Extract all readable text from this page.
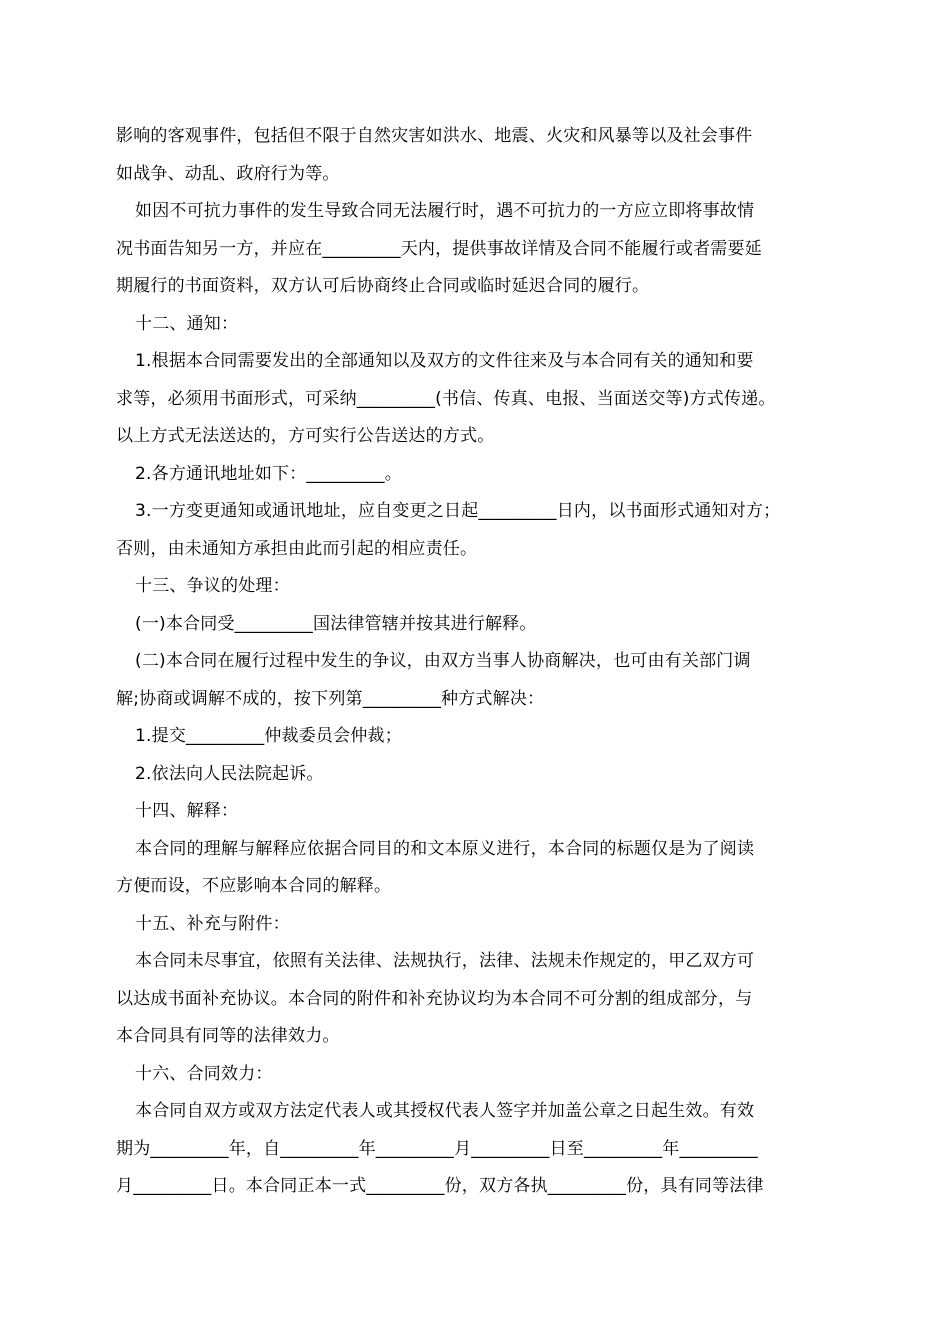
影响的客观事件，包括但不限于自然灾害如洪水、地震、火灾和风暴等以及社会事件
如战争、动乱、政府行为等。
如因不可抗力事件的发生导致合同无法履行时，遇不可抗力的一方应立即将事故情
况书面告知另一方，并应在_________天内，提供事故详情及合同不能履行或者需要延
期履行的书面资料，双方认可后协商终止合同或临时延迟合同的履行。
十二、通知：
1.根据本合同需要发出的全部通知以及双方的文件往来及与本合同有关的通知和要
求等，必须用书面形式，可采纳_________(书信、传真、电报、当面送交等)方式传递。
以上方式无法送达的，方可实行公告送达的方式。
2.各方通讯地址如下：_________。
3.一方变更通知或通讯地址，应自变更之日起_________日内，以书面形式通知对方；
否则，由未通知方承担由此而引起的相应责任。
十三、争议的处理：
(一)本合同受_________国法律管辖并按其进行解释。
(二)本合同在履行过程中发生的争议，由双方当事人协商解决，也可由有关部门调
解;协商或调解不成的，按下列第_________种方式解决：
1.提交_________仲裁委员会仲裁；
2.依法向人民法院起诉。
十四、解释：
本合同的理解与解释应依据合同目的和文本原义进行，本合同的标题仅是为了阅读
方便而设，不应影响本合同的解释。
十五、补充与附件：
本合同未尽事宜，依照有关法律、法规执行，法律、法规未作规定的，甲乙双方可
以达成书面补充协议。本合同的附件和补充协议均为本合同不可分割的组成部分，与
本合同具有同等的法律效力。
十六、合同效力：
本合同自双方或双方法定代表人或其授权代表人签字并加盖公章之日起生效。有效
期为_________年，自_________年_________月_________日至_________年_________
月_________日。本合同正本一式_________份，双方各执_________份，具有同等法律
